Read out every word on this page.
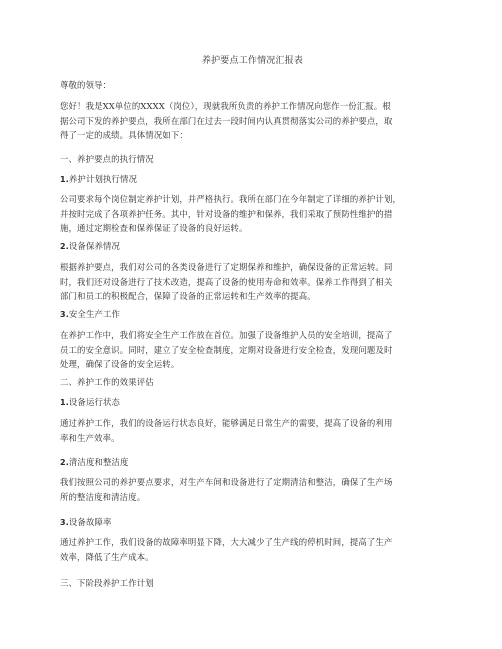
养护要点工作情况汇报表
尊敬的领导：
您好！我是XX单位的XXXX（岗位），现就我所负责的养护工作情况向您作一份汇报。根
据公司下发的养护要点，我所在部门在过去一段时间内认真贯彻落实公司的养护要点，取
得了一定的成绩。具体情况如下：
一、养护要点的执行情况
1.养护计划执行情况
公司要求每个岗位制定养护计划，并严格执行。我所在部门在今年制定了详细的养护计划，
并按时完成了各项养护任务。其中，针对设备的维护和保养，我们采取了预防性维护的措
施，通过定期检查和保养保证了设备的良好运转。
2.设备保养情况
根据养护要点，我们对公司的各类设备进行了定期保养和维护，确保设备的正常运转。同
时，我们还对设备进行了技术改造，提高了设备的使用寿命和效率。保养工作得到了相关
部门和员工的积极配合，保障了设备的正常运转和生产效率的提高。
3.安全生产工作
在养护工作中，我们将安全生产工作放在首位。加强了设备维护人员的安全培训，提高了
员工的安全意识。同时，建立了安全检查制度，定期对设备进行安全检查，发现问题及时
处理，确保了设备的安全运转。
二、养护工作的效果评估
1.设备运行状态
通过养护工作，我们的设备运行状态良好，能够满足日常生产的需要，提高了设备的利用
率和生产效率。
2.清洁度和整洁度
我们按照公司的养护要点要求，对生产车间和设备进行了定期清洁和整洁，确保了生产场
所的整洁度和清洁度。
3.设备故障率
通过养护工作，我们设备的故障率明显下降，大大减少了生产线的停机时间，提高了生产
效率，降低了生产成本。
三、下阶段养护工作计划
